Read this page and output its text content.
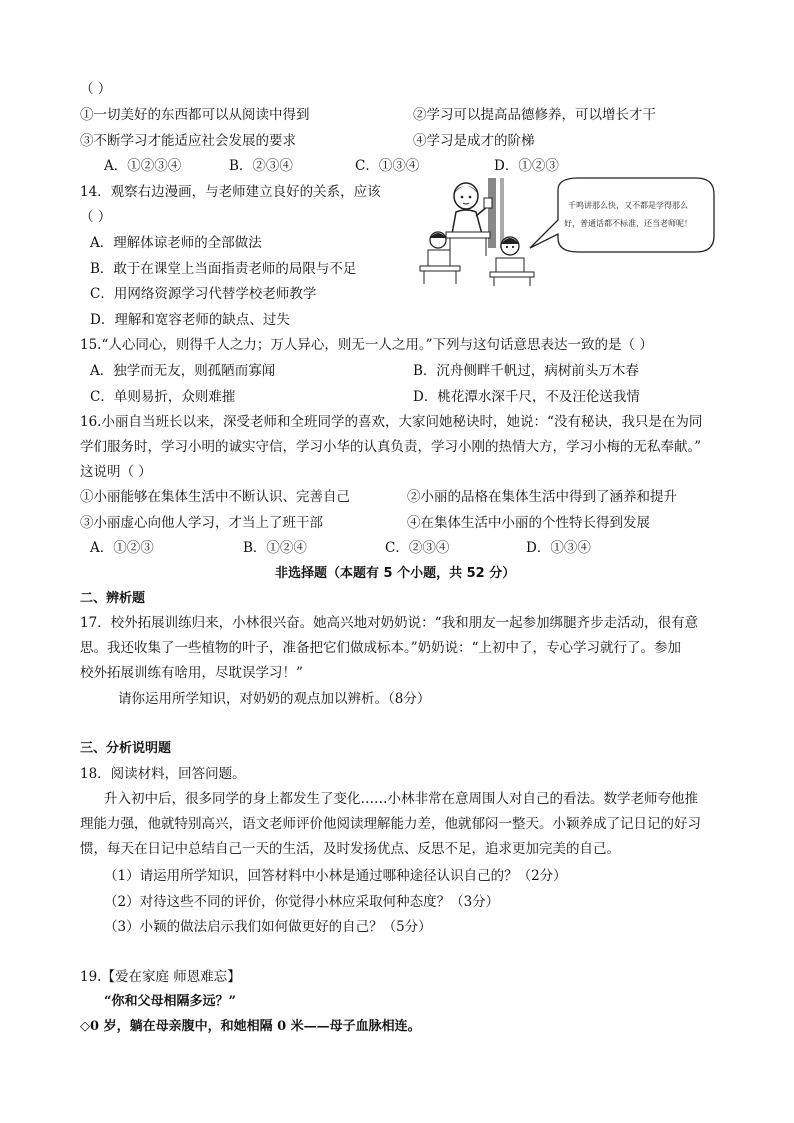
（ ）
①一切美好的东西都可以从阅读中得到	②学习可以提高品德修养，可以增长才干
③不断学习才能适应社会发展的要求	④学习是成才的阶梯
A．①②③④	B．②③④	C．①③④	D．①②③
14．观察右边漫画，与老师建立良好的关系，应该
（ ）
A．理解体谅老师的全部做法
B．敢于在课堂上当面指责老师的局限与不足
C．用网络资源学习代替学校老师教学
D．理解和宽容老师的缺点、过失
千鸣讲那么快，又不都是学得那么
好，普通话都不标准，还当老师呢！
15.“人心同心，则得千人之力；万人异心，则无一人之用。”下列与这句话意思表达一致的是（ ）
A．独学而无友，则孤陋而寡闻	B．沉舟侧畔千帆过，病树前头万木春
C．单则易折，众则难摧	D．桃花潭水深千尺，不及汪伦送我情
16.小丽自当班长以来，深受老师和全班同学的喜欢，大家问她秘诀时，她说：“没有秘诀，我只是在为同
学们服务时，学习小明的诚实守信，学习小华的认真负责，学习小刚的热情大方，学习小梅的无私奉献。”
这说明（ ）
①小丽能够在集体生活中不断认识、完善自己	②小丽的品格在集体生活中得到了涵养和提升
③小丽虚心向他人学习，才当上了班干部	④在集体生活中小丽的个性特长得到发展
A．①②③	B．①②④	C．②③④	D．①③④
非选择题（本题有 5 个小题，共 52 分）
二、辨析题
17．校外拓展训练归来，小林很兴奋。她高兴地对奶奶说：“我和朋友一起参加绑腿齐步走活动，很有意
思。我还收集了一些植物的叶子，准备把它们做成标本。”奶奶说：“上初中了，专心学习就行了。参加
校外拓展训练有啥用，尽耽误学习！”
请你运用所学知识，对奶奶的观点加以辨析。（8分）
三、分析说明题
18．阅读材料，回答问题。
升入初中后，很多同学的身上都发生了变化……小林非常在意周围人对自己的看法。数学老师夸他推
理能力强，他就特别高兴，语文老师评价他阅读理解能力差，他就郁闷一整天。小颖养成了记日记的好习
惯，每天在日记中总结自己一天的生活，及时发扬优点、反思不足，追求更加完美的自己。
（1）请运用所学知识，回答材料中小林是通过哪种途径认识自己的？（2分）
（2）对待这些不同的评价，你觉得小林应采取何种态度？（3分）
（3）小颖的做法启示我们如何做更好的自己？（5分）
19.【爱在家庭 师恩难忘】
“你和父母相隔多远？”
◇0 岁，躺在母亲腹中，和她相隔 0 米——母子血脉相连。
